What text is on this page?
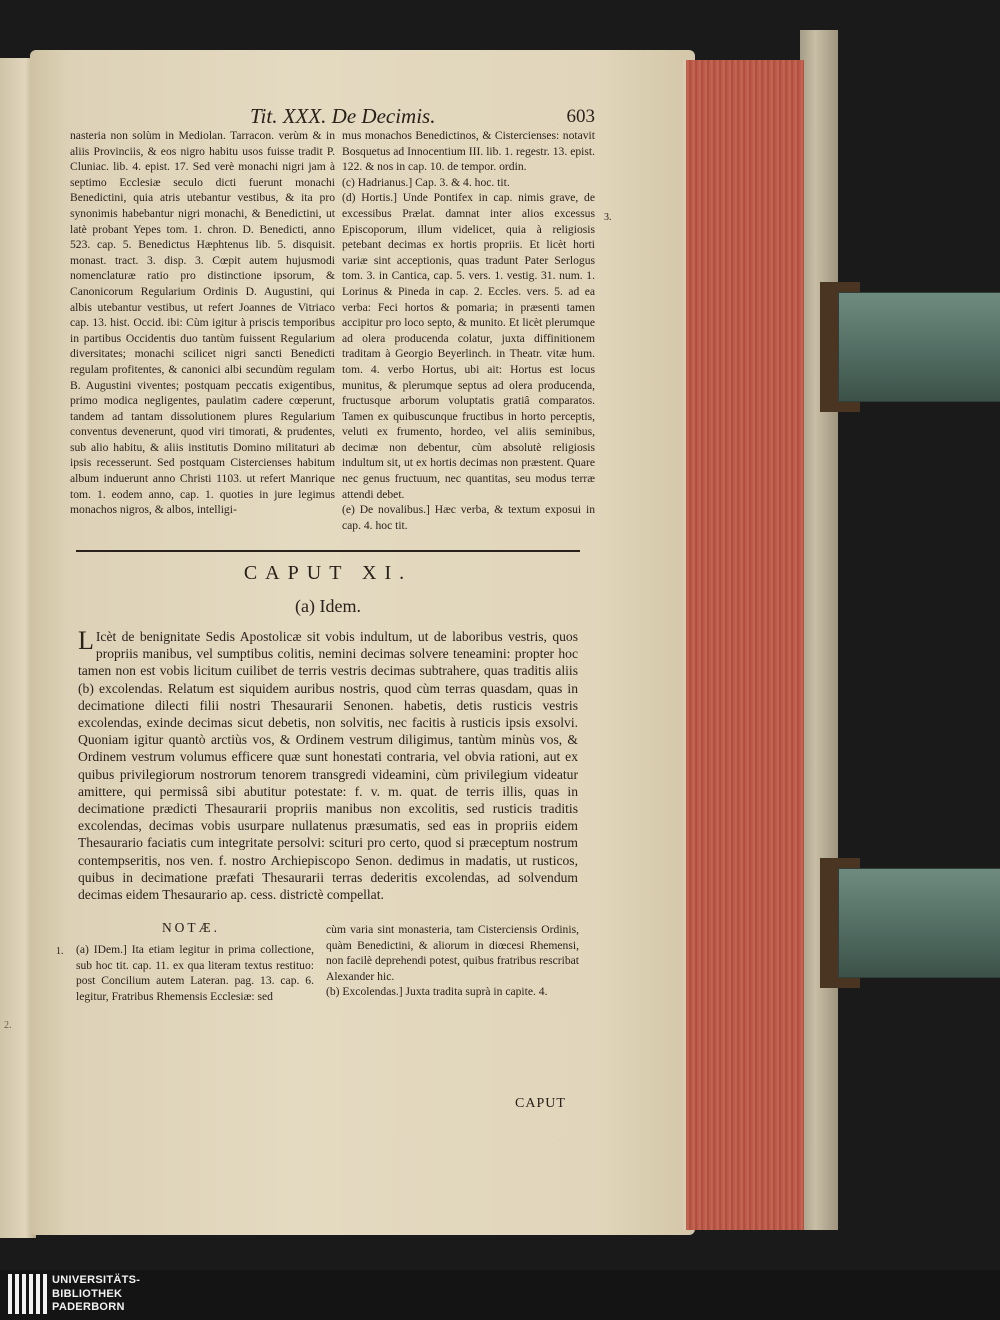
Tit. XXX. De Decimis.	603

nasteria non solùm in Mediolan. Tarracon. verùm & in aliis Provinciis, & eos nigro habitu usos fuisse tradit P. Cluniac. lib. 4. epist. 17. Sed verè monachi nigri jam à septimo Ecclesiæ seculo dicti fuerunt monachi Benedictini, quia atris utebantur vestibus, & ita pro synonimis habebantur nigri monachi, & Benedictini, ut latè probant Yepes tom. 1. chron. D. Benedicti, anno 523. cap. 5. Benedictus Hæphtenus lib. 5. disquisit. monast. tract. 3. disp. 3. Cœpit autem hujusmodi nomenclaturæ ratio pro distinctione ipsorum, & Canonicorum Regularium Ordinis D. Augustini, qui albis utebantur vestibus, ut refert Joannes de Vitriaco cap. 13. hist. Occid. ibi: Cùm igitur à priscis temporibus in partibus Occidentis duo tantùm fuissent Regularium diversitates; monachi scilicet nigri sancti Benedicti regulam profitentes, & canonici albi secundùm regulam B. Augustini viventes; postquam peccatis exigentibus, primo modica negligentes, paulatim cadere cœperunt, tandem ad tantam dissolutionem plures Regularium conventus devenerunt, quod viri timorati, & prudentes, sub alio habitu, & aliis institutis Domino militaturi ab ipsis recesserunt. Sed postquam Cistercienses habitum album induerunt anno Christi 1103. ut refert Manrique tom. 1. eodem anno, cap. 1. quoties in jure legimus monachos nigros, & albos, intelligi-

mus monachos Benedictinos, & Cistercienses: notavit Bosquetus ad Innocentium III. lib. 1. regestr. 13. epist. 122. & nos in cap. 10. de tempor. ordin.

(c) Hadrianus.] Cap. 3. & 4. hoc. tit.

(d) Hortis.] Unde Pontifex in cap. nimis grave, de excessibus Prælat. damnat inter alios excessus Episcoporum, illum videlicet, quia à religiosis petebant decimas ex hortis propriis. Et licèt horti variæ sint acceptionis, quas tradunt Pater Serlogus tom. 3. in Cantica, cap. 5. vers. 1. vestig. 31. num. 1. Lorinus & Pineda in cap. 2. Eccles. vers. 5. ad ea verba: Feci hortos & pomaria; in præsenti tamen accipitur pro loco septo, & munito. Et licèt plerumque ad olera producenda colatur, juxta diffinitionem traditam à Georgio Beyerlinch. in Theatr. vitæ hum. tom. 4. verbo Hortus, ubi ait: Hortus est locus munitus, & plerumque septus ad olera producenda, fructusque arborum voluptatis gratiâ comparatos. Tamen ex quibuscunque fructibus in horto perceptis, veluti ex frumento, hordeo, vel aliis seminibus, decimæ non debentur, cùm absolutè religiosis indultum sit, ut ex hortis decimas non præstent. Quare nec genus fructuum, nec quantitas, seu modus terræ attendi debet.

(e) De novalibus.] Hæc verba, & textum exposui in cap. 4. hoc tit.

3.
CAPUT XI.
(a) Idem.
L Icèt de benignitate Sedis Apostolicæ sit vobis indultum, ut de laboribus vestris, quos propriis manibus, vel sumptibus colitis, nemini decimas solvere teneamini: propter hoc tamen non est vobis licitum cuilibet de terris vestris decimas subtrahere, quas traditis aliis (b) excolendas. Relatum est siquidem auribus nostris, quod cùm terras quasdam, quas in decimatione dilecti filii nostri Thesaurarii Senonen. habetis, detis rusticis vestris excolendas, exinde decimas sicut debetis, non solvitis, nec facitis à rusticis ipsis exsolvi. Quoniam igitur quantò arctiùs vos, & Ordinem vestrum diligimus, tantùm minùs vos, & Ordinem vestrum volumus efficere quæ sunt honestati contraria, vel obvia rationi, aut ex quibus privilegiorum nostrorum tenorem transgredi videamini, cùm privilegium videatur amittere, qui permissâ sibi abutitur potestate: f. v. m. quat. de terris illis, quas in decimatione prædicti Thesaurarii propriis manibus non excolitis, sed rusticis traditis excolendas, decimas vobis usurpare nullatenus præsumatis, sed eas in propriis eidem Thesaurario faciatis cum integritate persolvi: scituri pro certo, quod si præceptum nostrum contempseritis, nos ven. f. nostro Archiepiscopo Senon. dedimus in madatis, ut rusticos, quibus in decimatione præfati Thesaurarii terras dederitis excolendas, ad solvendum decimas eidem Thesaurario ap. cess. districtè compellat.

NOTÆ.
1.
2.

(a) IDem.] Ita etiam legitur in prima collectione, sub hoc tit. cap. 11. ex qua literam textus restituo: post Concilium autem Lateran. pag. 13. cap. 6. legitur, Fratribus Rhemensis Ecclesiæ: sed

cùm varia sint monasteria, tam Cisterciensis Ordinis, quàm Benedictini, & aliorum in diœcesi Rhemensi, non facilè deprehendi potest, quibus fratribus rescribat Alexander hic.

(b) Excolendas.] Juxta tradita suprà in capite. 4.

CAPUT
UNIVERSITÄTS-
BIBLIOTHEK
PADERBORN
